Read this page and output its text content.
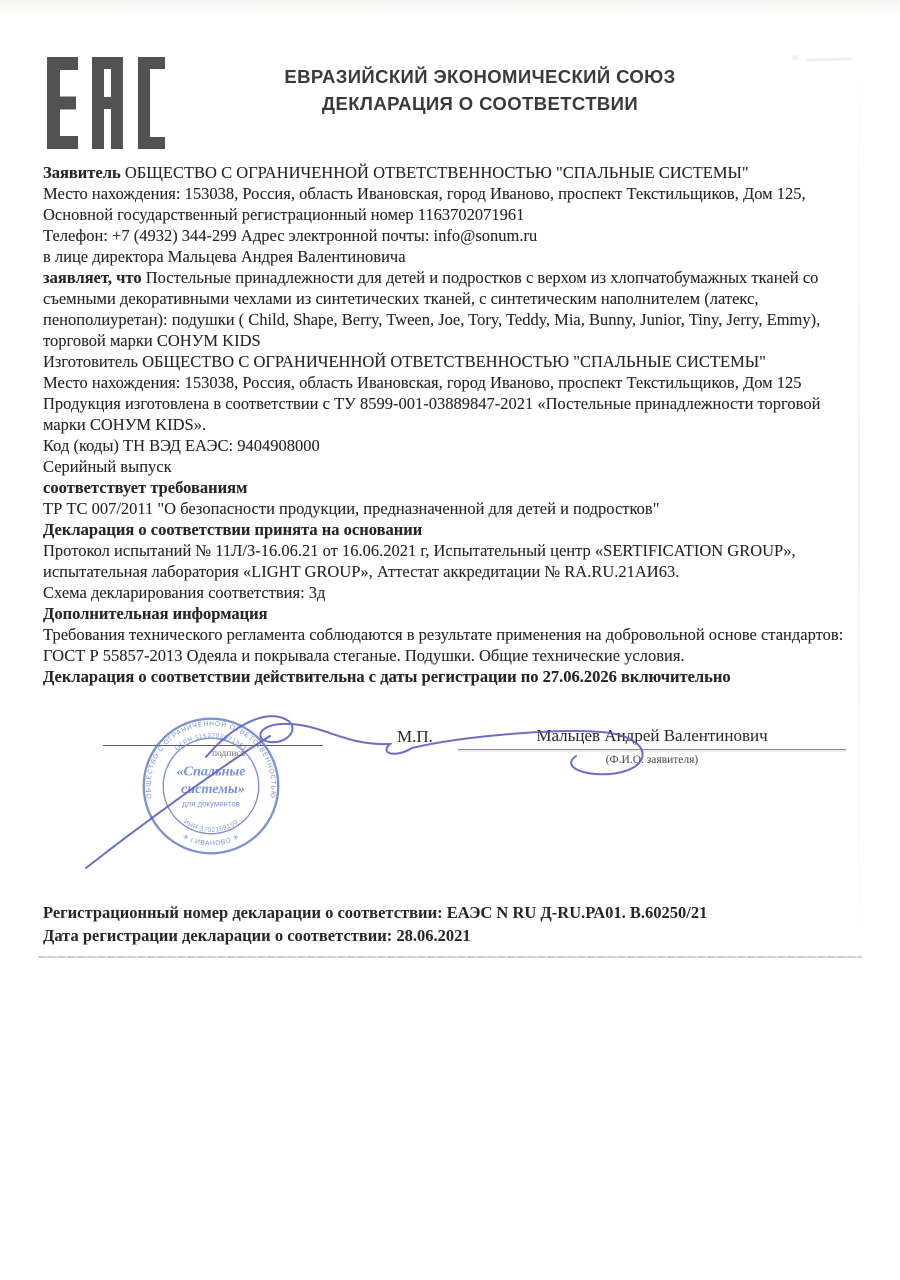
ЕВРАЗИЙСКИЙ ЭКОНОМИЧЕСКИЙ СОЮЗ
ДЕКЛАРАЦИЯ О СООТВЕТСТВИИ

Заявитель ОБЩЕСТВО С ОГРАНИЧЕННОЙ ОТВЕТСТВЕННОСТЬЮ "СПАЛЬНЫЕ СИСТЕМЫ"

Место нахождения: 153038, Россия, область Ивановская, город Иваново, проспект Текстильщиков, Дом 125, Основной государственный регистрационный номер 1163702071961

Телефон: +7 (4932) 344-299 Адрес электронной почты: info@sonum.ru

в лице директора Мальцева Андрея Валентиновича

заявляет, что Постельные принадлежности для детей и подростков с верхом из хлопчатобумажных тканей со съемными декоративными чехлами из синтетических тканей, с синтетическим наполнителем (латекс, пенополиуретан): подушки ( Child, Shape, Berry, Tween, Joe, Tory, Teddy, Mia, Bunny, Junior, Tiny, Jerry, Emmy), торговой марки СОНУМ KIDS

Изготовитель ОБЩЕСТВО С ОГРАНИЧЕННОЙ ОТВЕТСТВЕННОСТЬЮ "СПАЛЬНЫЕ СИСТЕМЫ"

Место нахождения: 153038, Россия, область Ивановская, город Иваново, проспект Текстильщиков, Дом 125

Продукция изготовлена в соответствии с ТУ 8599-001-03889847-2021 «Постельные принадлежности торговой марки СОНУМ KIDS».

Код (коды) ТН ВЭД ЕАЭС: 9404908000

Серийный выпуск

соответствует требованиям

ТР ТС 007/2011 "О безопасности продукции, предназначенной для детей и подростков"

Декларация о соответствии принята на основании

Протокол испытаний № 11Л/З-16.06.21 от 16.06.2021 г, Испытательный центр «SERTIFICATION GROUP», испытательная лаборатория «LIGHT GROUP», Аттестат аккредитации № RA.RU.21АИ63.

Схема декларирования соответствия: 3д

Дополнительная информация

Требования технического регламента соблюдаются в результате применения на добровольной основе стандартов: ГОСТ Р 55857-2013 Одеяла и покрывала стеганые. Подушки. Общие технические условия.

Декларация о соответствии действительна с даты регистрации по 27.06.2026 включительно

М.П.
подпись
Мальцев Андрей Валентинович
(Ф.И.О. заявителя)
ОБЩЕСТВО С ОГРАНИЧЕННОЙ ОТВЕТСТВЕННОСТЬЮ
ОГРН 1163702071961
ИНН 3702159100
✳ г.ИВАНОВО ✳
«Спальные
системы»
для документов
Регистрационный номер декларации о соответствии: ЕАЭС N RU Д-RU.РА01. В.60250/21
Дата регистрации декларации о соответствии: 28.06.2021
